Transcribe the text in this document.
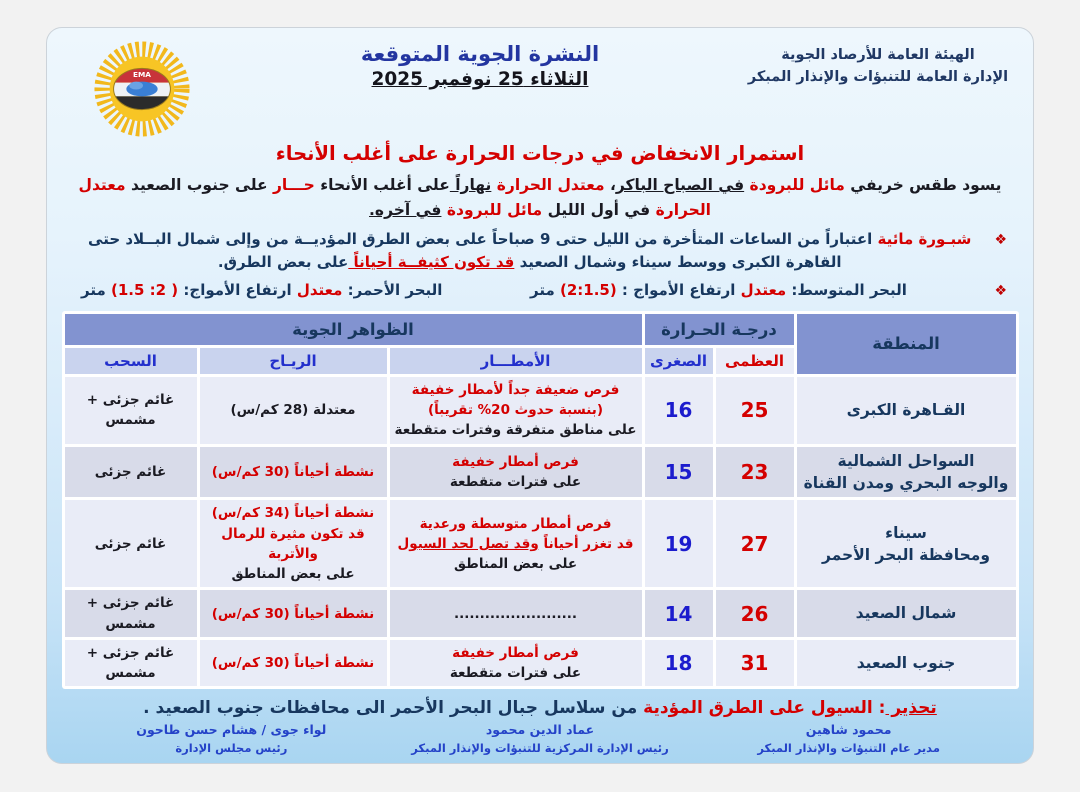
الهيئة العامة للأرصاد الجوية
الإدارة العامة للتنبؤات والإنذار المبكر
النشرة الجوية المتوقعة
الثلاثاء 25 نوفمبر 2025
EMA
استمرار الانخفاض في درجات الحرارة على أغلب الأنحاء
يسود طقس خريفي مائل للبرودة في الصباح الباكر، معتدل الحرارة نهاراً على أغلب الأنحاء حـــار على جنوب الصعيد معتدل الحرارة في أول الليل مائل للبرودة في آخره.
❖
شبـورة مائية اعتباراً من الساعات المتأخرة من الليل حتى 9 صباحاً على بعض الطرق المؤديــة من وإلى شمال البــلاد حتى القاهرة الكبرى ووسط سيناء وشمال الصعيد قد تكون كثيفــة أحياناً على بعض الطرق.
❖
البحر المتوسط: معتدل ارتفاع الأمواج : (2:1.5) متر
البحر الأحمر: معتدل ارتفاع الأمواج: (1.5 :2 ) متر
المنطقة	درجـة الحـرارة		الظواهر الجوية		
	العظمى	الصغرى	الأمطـــار	الريـاح	السحب
القـاهرة الكبرى	25	16	فرص ضعيفة جداً لأمطار خفيفة
(بنسبة حدوث 20% تقريباً)
على مناطق متفرقة وفترات متقطعة	معتدلة (28 كم/س)	غائم جزئى +
مشمس
السواحل الشمالية
والوجه البحري ومدن القناة	23	15	فرص أمطار خفيفة
على فترات متقطعة	نشطة أحياناً (30 كم/س)	غائم جزئى
سيناء
ومحافظة البحر الأحمر	27	19	فرص أمطار متوسطة ورعدية
قد تغزر أحياناً وقد تصل لحد السيول
على بعض المناطق	نشطة أحياناً (34 كم/س)
قد تكون مثيرة للرمال والأتربة
على بعض المناطق	غائم جزئى
شمال الصعيد	26	14	........................	نشطة أحياناً (30 كم/س)	غائم جزئى +
مشمس
جنوب الصعيد	31	18	فرص أمطار خفيفة
على فترات متقطعة	نشطة أحياناً (30 كم/س)	غائم جزئى +
مشمس
تحذير : السيول على الطرق المؤدية من سلاسل جبال البحر الأحمر الى محافظات جنوب الصعيد .
محمود شاهين
مدير عام التنبؤات والإنذار المبكر
عماد الدين محمود
رئيس الإدارة المركزية للتنبؤات والإنذار المبكر
لواء جوى / هشام حسن طاحون
رئيس مجلس الإدارة
